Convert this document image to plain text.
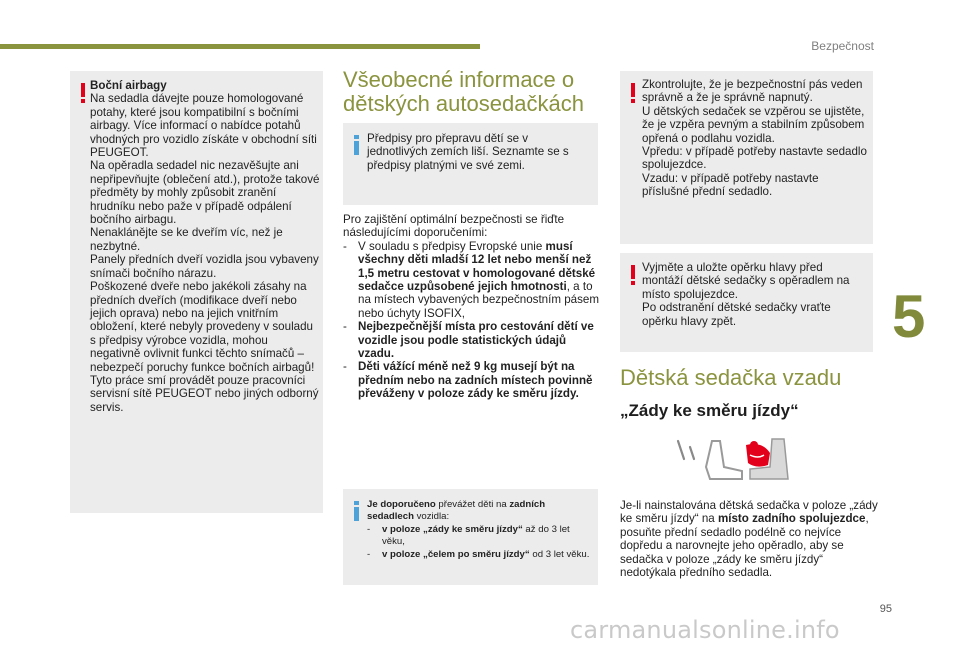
Bezpečnost
5
95

Boční airbagy

Na sedadla dávejte pouze homologované potahy, které jsou kompatibilní s bočními airbagy. Více informací o nabídce potahů vhodných pro vozidlo získáte v obchodní síti PEUGEOT.
Na opěradla sedadel nic nezavěšujte ani nepřipevňujte (oblečení atd.), protože takové předměty by mohly způsobit zranění hrudníku nebo paže v případě odpálení bočního airbagu.
Nenaklánějte se ke dveřím víc, než je nezbytné.
Panely předních dveří vozidla jsou vybaveny snímači bočního nárazu.
Poškozené dveře nebo jakékoli zásahy na předních dveřích (modifikace dveří nebo jejich oprava) nebo na jejich vnitřním obložení, které nebyly provedeny v souladu s předpisy výrobce vozidla, mohou negativně ovlivnit funkci těchto snímačů – nebezpečí poruchy funkce bočních airbagů!
Tyto práce smí provádět pouze pracovníci servisní sítě PEUGEOT nebo jiných odborný servis.

Všeobecné informace o dětských autosedačkách
Předpisy pro přepravu dětí se v jednotlivých zemích liší. Seznamte se s předpisy platnými ve své zemi.

Pro zajištění optimální bezpečnosti se řiďte následujícími doporučeními:

- V souladu s předpisy Evropské unie musí všechny děti mladší 12 let nebo menší než 1,5 metru cestovat v homologované dětské sedačce uzpůsobené jejich hmotnosti, a to na místech vybavených bezpečnostním pásem nebo úchyty ISOFIX,
- Nejbezpečnější místa pro cestování dětí ve vozidle jsou podle statistických údajů vzadu.
- Děti vážící méně než 9 kg musejí být na předním nebo na zadních místech povinně převáženy v poloze zády ke směru jízdy.

Je doporučeno převážet děti na zadních sedadlech vozidla:

- v poloze „zády ke směru jízdy“ až do 3 let věku,
- v poloze „čelem po směru jízdy“ od 3 let věku.
Zkontrolujte, že je bezpečnostní pás veden správně a že je správně napnutý.
U dětských sedaček se vzpěrou se ujistěte, že je vzpěra pevným a stabilním způsobem opřená o podlahu vozidla.
Vpředu: v případě potřeby nastavte sedadlo spolujezdce.
Vzadu: v případě potřeby nastavte příslušné přední sedadlo.
Vyjměte a uložte opěrku hlavy před montáží dětské sedačky s opěradlem na místo spolujezdce.
Po odstranění dětské sedačky vraťte opěrku hlavy zpět.
Dětská sedačka vzadu
„Zády ke směru jízdy“
Je-li nainstalována dětská sedačka v poloze „zády ke směru jízdy“ na místo zadního spolujezdce, posuňte přední sedadlo podélně co nejvíce dopředu a narovnejte jeho opěradlo, aby se sedačka v poloze „zády ke směru jízdy“ nedotýkala předního sedadla.
carmanualsonline.info
